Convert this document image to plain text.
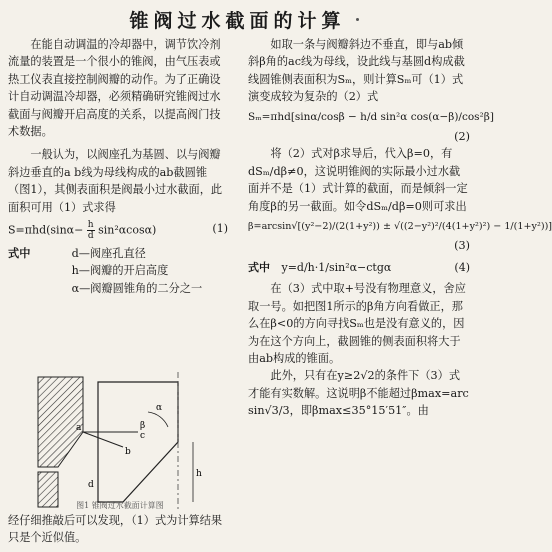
锥阀过水截面的计算

在能自动调温的冷却器中，调节饮冷剂流量的装置是一个很小的锥阀，由气压表或热工仪表直接控制阀瓣的动作。为了正确设计自动调温冷却器，必须精确研究锥阀过水截面与阀瓣开启高度的关系，以提高阀门技术数据。

一般认为，以阀座孔为基圆、以与阀瓣斜边垂直的a b线为母线构成的ab截圆锥（图1），其侧表面积是阀最小过水截面，此面积可用（1）式求得

$S=\pi hd(\sin\alpha- \frac{h}{d} \sin^2\alpha\cos\alpha)$	(1)
式中	d—阀座孔直径
h—阀瓣的开启高度
α—阀瓣圆锥角的二分之一
α
β
a
b
c
d
h
经仔细推敲后可以发现，（1）式为计算结果只是个近似值。
图1 锥阀过水截面计算图

如取一条与阀瓣斜边不垂直，即与ab倾斜β角的ac线为母线，设此线与基圆d构成截线圆锥侧表面积为Sₘ，则计算Sₘ可（1）式演变成较为复杂的（2）式

Sₘ=πhd[sinα/cosβ − h/d sin²α cos(α−β)/cos²β]
(2)

将（2）式对β求导后，代入β=0，有dSₘ/dβ≠0，这说明锥阀的实际最小过水截面并不是（1）式计算的截面，而是倾斜一定角度β的另一截面。如令dSₘ/dβ=0则可求出

β=arcsin√[(y²−2)/(2(1+y²)) ± √((2−y²)²/(4(1+y²)²) − 1/(1+y²))]
(3)
式中 y=d/h·1/sin²α−ctgα	(4)

在（3）式中取+号没有物理意义，舍应取一号。如把图1所示的β角方向看做正，那么在β<0的方向寻找Sₘ也是没有意义的，因为在这个方向上，截圆锥的侧表面积将大于由ab构成的锥面。

此外，只有在y≥2√2的条件下（3）式才能有实数解。这说明β不能超过βmax=arc sin√3/3，即βmax≤35°15′51″。由
